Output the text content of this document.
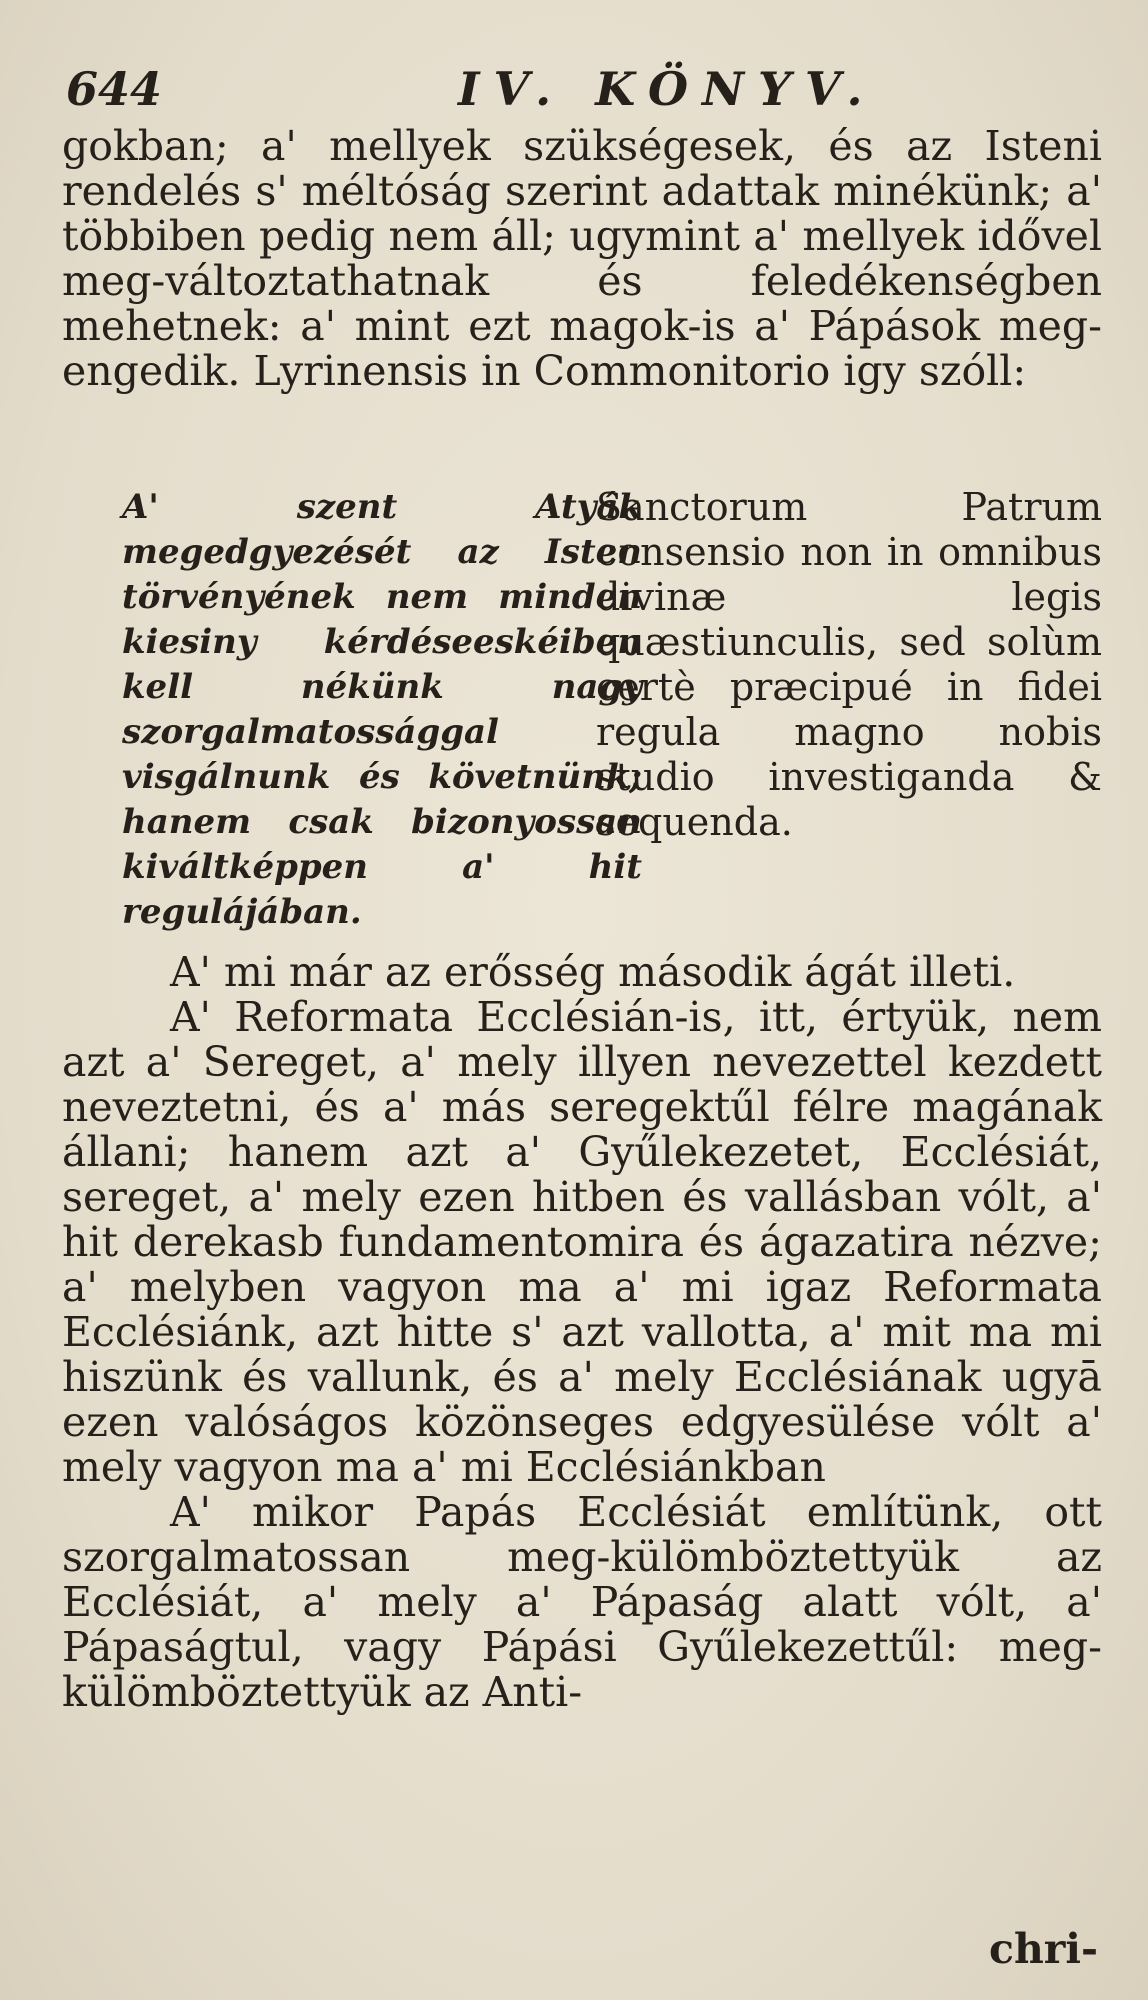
644	IV. KÖNYV.

gokban; a' mellyek szükségesek, és az Isteni rendelés s' méltóság szerint adattak minékünk; a' többiben pedig nem áll; ugymint a' mellyek idővel meg-változtathatnak és feledékenségben mehetnek: a' mint ezt magok-is a' Pápások meg-engedik. Lyrinensis in Commonitorio igy szóll:

A' szent Atyák megedgyezését az Isten törvényének nem minden kiesiny kérdéseeskéiben kell nékünk nagy szorgalmatossággal visgálnunk és követnünk; hanem csak bizonyossan kiváltképpen a' hit regulájában.
Sanctorum Patrum consensio non in omnibus divinæ legis quæstiunculis, sed solùm certè præcipué in fidei regula magno nobis studio investiganda & sequenda.

A' mi már az erősség második ágát illeti.

A' Reformata Ecclésián-is, itt, értyük, nem azt a' Sereget, a' mely illyen nevezettel kezdett neveztetni, és a' más seregektűl félre magának állani; hanem azt a' Gyűlekezetet, Ecclésiát, sereget, a' mely ezen hitben és vallásban vólt, a' hit derekasb fundamentomira és ágazatira nézve; a' melyben vagyon ma a' mi igaz Reformata Ecclésiánk, azt hitte s' azt vallotta, a' mit ma mi hiszünk és vallunk, és a' mely Ecclésiának ugyā ezen valóságos közönseges edgyesülése vólt a' mely vagyon ma a' mi Ecclésiánkban

A' mikor Papás Ecclésiát említünk, ott szorgalmatossan meg-külömböztettyük az Ecclésiát, a' mely a' Pápaság alatt vólt, a' Pápaságtul, vagy Pápási Gyűlekezettűl: meg-külömböztettyük az Anti-

chri-
